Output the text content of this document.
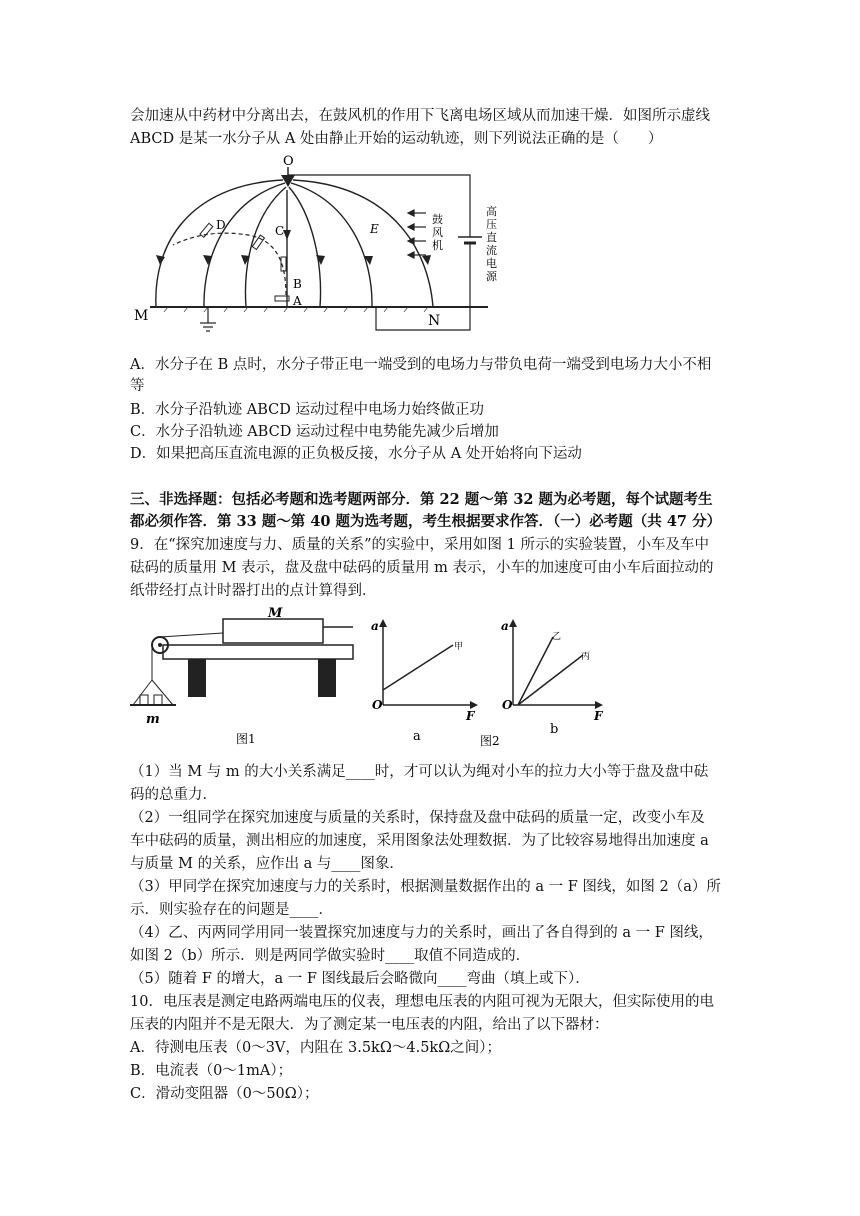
会加速从中药材中分离出去，在鼓风机的作用下飞离电场区域从而加速干燥．如图所示虚线
ABCD 是某一水分子从 A 处由静止开始的运动轨迹，则下列说法正确的是（　　）
O
M	N
A
B
C
D	E
鼓
风
机
高
压
直
流
电
源
A．水分子在 B 点时，水分子带正电一端受到的电场力与带负电荷一端受到电场力大小不相
等
B．水分子沿轨迹 ABCD 运动过程中电场力始终做正功
C．水分子沿轨迹 ABCD 运动过程中电势能先减少后增加
D．如果把高压直流电源的正负极反接，水分子从 A 处开始将向下运动
三、非选择题：包括必考题和选考题两部分．第 22 题～第 32 题为必考题，每个试题考生
都必须作答．第 33 题～第 40 题为选考题，考生根据要求作答．（一）必考题（共 47 分）
9．在“探究加速度与力、质量的关系”的实验中，采用如图 1 所示的实验装置，小车及车中
砝码的质量用 M 表示，盘及盘中砝码的质量用 m 表示，小车的加速度可由小车后面拉动的
纸带经打点计时器打出的点计算得到．
M
m
图1
a
O
F
甲
a
a
O
F
乙
丙
图2
b
（1）当 M 与 m 的大小关系满足____时，才可以认为绳对小车的拉力大小等于盘及盘中砝
码的总重力．
（2）一组同学在探究加速度与质量的关系时，保持盘及盘中砝码的质量一定，改变小车及
车中砝码的质量，测出相应的加速度，采用图象法处理数据．为了比较容易地得出加速度 a
与质量 M 的关系，应作出 a 与____图象．
（3）甲同学在探究加速度与力的关系时，根据测量数据作出的 a 一 F 图线，如图 2（a）所
示．则实验存在的问题是____．
（4）乙、丙两同学用同一装置探究加速度与力的关系时，画出了各自得到的 a 一 F 图线，
如图 2（b）所示．则是两同学做实验时____取值不同造成的．
（5）随着 F 的增大，a 一 F 图线最后会略微向____弯曲（填上或下）．
10．电压表是测定电路两端电压的仪表，理想电压表的内阻可视为无限大，但实际使用的电
压表的内阻并不是无限大．为了测定某一电压表的内阻，给出了以下器材：
A．待测电压表（0～3V，内阻在 3.5kΩ～4.5kΩ之间）；
B．电流表（0～1mA）；
C．滑动变阻器（0～50Ω）；
